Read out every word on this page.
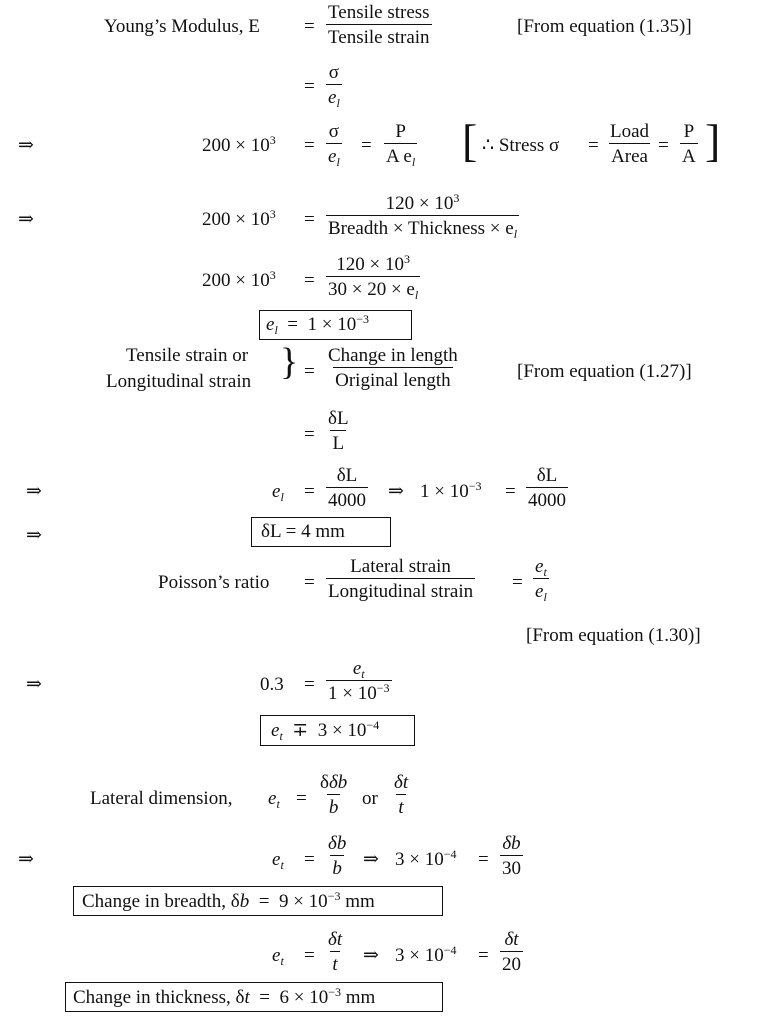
Young’s Modulus, E =
Tensile stress
Tensile strain
[From equation (1.35)]
= $\frac{\sigma}{e_l}$
⇒	$200 \times 10^3 = \frac{\sigma}{e_l} = \frac{P}{A e_l}$ [ ∴ Stress σ =
Load
Area
= $\frac{P}{A}$ ]
⇒	$200 \times 10^3$ =
$120 \times 10^3$
Breadth × Thickness × $e_l$
$200 \times 10^3 = \frac{120 \times 10^3}{30 \times 20 \times e_l}$
$e_l = 1 \times 10^{-3}$
Tensile strain or
Longitudinal strain } =
Change in length
Original length	[From equation (1.27)]
= $\frac{\delta L}{L}$
⇒	$e_l = \frac{\delta L}{4000}$ ⇒ $1 \times 10^{-3} = \frac{\delta L}{4000}$
⇒	δL = 4 mm
Poisson’s ratio =
Lateral strain
Longitudinal strain = $\frac{e_t}{e_l}$
[From equation (1.30)]
⇒	$0.3 = \frac{e_t}{1 \times 10^{-3}}$
$e_t \mp 3 \times 10^{-4}$
Lateral dimension, $e_t$ =
δδb
b or $\frac{\delta t}{t}$
⇒	$e_t = \frac{\delta b}{b}$ ⇒ $3 \times 10^{-4} = \frac{\delta b}{30}$
Change in breadth, $\delta b = 9 \times 10^{-3}$ mm
$e_t = \frac{\delta t}{t}$ ⇒ $3 \times 10^{-4} = \frac{\delta t}{20}$
Change in thickness, $\delta t = 6 \times 10^{-3}$ mm
